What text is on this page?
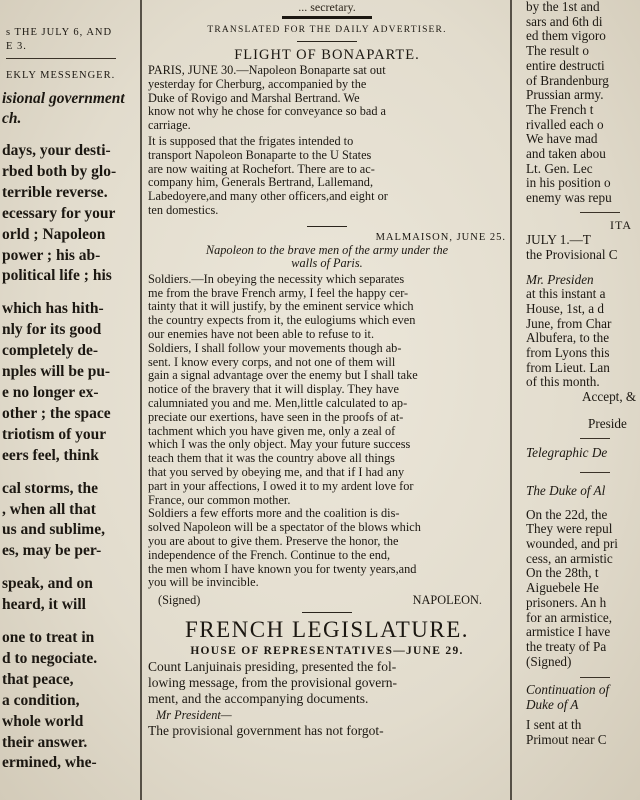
s THE JULY 6, AND
E 3.
EKLY MESSENGER.
isional government
ch.
days, your desti-
rbed both by glo-
terrible reverse.
ecessary for your
orld ; Napoleon
power ; his ab-
political life ; his
which has hith-
nly for its good
completely de-
nples will be pu-
e no longer ex-
other ; the space
triotism of your
eers feel, think
cal storms, the
, when all that
us and sublime,
es, may be per-
speak, and on
heard, it will
one to treat in
d to negociate.
that peace,
a condition,
whole world
their answer.
ermined, whe-
... secretary.
TRANSLATED FOR THE DAILY ADVERTISER.
FLIGHT OF BONAPARTE.
PARIS, JUNE 30.—Napoleon Bonaparte sat out
yesterday for Cherburg, accompanied by the
Duke of Rovigo and Marshal Bertrand. We
know not why he chose for conveyance so bad a
carriage.
It is supposed that the frigates intended to
transport Napoleon Bonaparte to the U States
are now waiting at Rochefort. There are to ac-
company him, Generals Bertrand, Lallemand,
Labedoyere,and many other officers,and eight or
ten domestics.
MALMAISON, JUNE 25.
Napoleon to the brave men of the army under the
walls of Paris.
Soldiers.—In obeying the necessity which separates
me from the brave French army, I feel the happy cer-
tainty that it will justify, by the eminent service which
the country expects from it, the eulogiums which even
our enemies have not been able to refuse to it.
Soldiers, I shall follow your movements though ab-
sent. I know every corps, and not one of them will
gain a signal advantage over the enemy but I shall take
notice of the bravery that it will display. They have
calumniated you and me. Men,little calculated to ap-
preciate our exertions, have seen in the proofs of at-
tachment which you have given me, only a zeal of
which I was the only object. May your future success
teach them that it was the country above all things
that you served by obeying me, and that if I had any
part in your affections, I owed it to my ardent love for
France, our common mother.
Soldiers a few efforts more and the coalition is dis-
solved Napoleon will be a spectator of the blows which
you are about to give them. Preserve the honor, the
independence of the French. Continue to the end,
the men whom I have known you for twenty years,and
you will be invincible.
(Signed)	NAPOLEON.
FRENCH LEGISLATURE.
HOUSE OF REPRESENTATIVES—JUNE 29.
Count Lanjuinais presiding, presented the fol-
lowing message, from the provisional govern-
ment, and the accompanying documents.
Mr President—
The provisional government has not forgot-
by the 1st and
sars and 6th di
ed them vigoro
The result o
entire destructi
of Brandenburg
Prussian army.
The French t
rivalled each o
We have mad
and taken abou
Lt. Gen. Lec
in his position o
enemy was repu
ITA
JULY 1.—T
the Provisional C
Mr. Presiden
at this instant a
House, 1st, a d
June, from Char
Albufera, to the
from Lyons this
from Lieut. Lan
of this month.
Accept, &
Preside
Telegraphic De
The Duke of Al
On the 22d, the
They were repul
wounded, and pri
cess, an armistic
On the 28th, t
Aiguebele He
prisoners. An h
for an armistice,
armistice I have
the treaty of Pa
(Signed)
Continuation of
Duke of A
I sent at th
Primout near C
